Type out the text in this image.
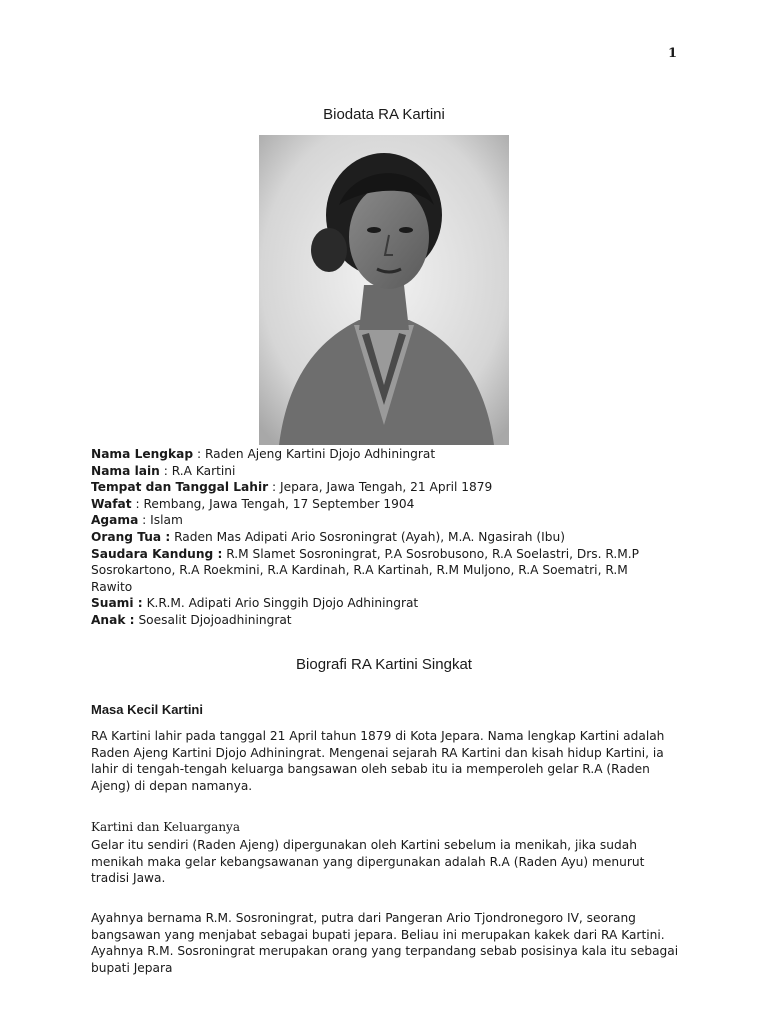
1
Biodata RA Kartini

Nama Lengkap : Raden Ajeng Kartini Djojo Adhiningrat

Nama lain : R.A Kartini

Tempat dan Tanggal Lahir : Jepara, Jawa Tengah, 21 April 1879

Wafat : Rembang, Jawa Tengah, 17 September 1904

Agama : Islam

Orang Tua : Raden Mas Adipati Ario Sosroningrat (Ayah), M.A. Ngasirah (Ibu)

Saudara Kandung : R.M Slamet Sosroningrat, P.A Sosrobusono, R.A Soelastri, Drs. R.M.P Sosrokartono, R.A Roekmini, R.A Kardinah, R.A Kartinah, R.M Muljono, R.A Soematri, R.M Rawito

Suami : K.R.M. Adipati Ario Singgih Djojo Adhiningrat

Anak : Soesalit Djojoadhiningrat

Biografi RA Kartini Singkat
Masa Kecil Kartini

RA Kartini lahir pada tanggal 21 April tahun 1879 di Kota Jepara. Nama lengkap Kartini adalah Raden Ajeng Kartini Djojo Adhiningrat. Mengenai sejarah RA Kartini dan kisah hidup Kartini, ia lahir di tengah-tengah keluarga bangsawan oleh sebab itu ia memperoleh gelar R.A (Raden Ajeng) di depan namanya.

Kartini dan Keluarganya

Gelar itu sendiri (Raden Ajeng) dipergunakan oleh Kartini sebelum ia menikah, jika sudah menikah maka gelar kebangsawanan yang dipergunakan adalah R.A (Raden Ayu) menurut tradisi Jawa.

Ayahnya bernama R.M. Sosroningrat, putra dari Pangeran Ario Tjondronegoro IV, seorang bangsawan yang menjabat sebagai bupati jepara. Beliau ini merupakan kakek dari RA Kartini. Ayahnya R.M. Sosroningrat merupakan orang yang terpandang sebab posisinya kala itu sebagai bupati Jepara
